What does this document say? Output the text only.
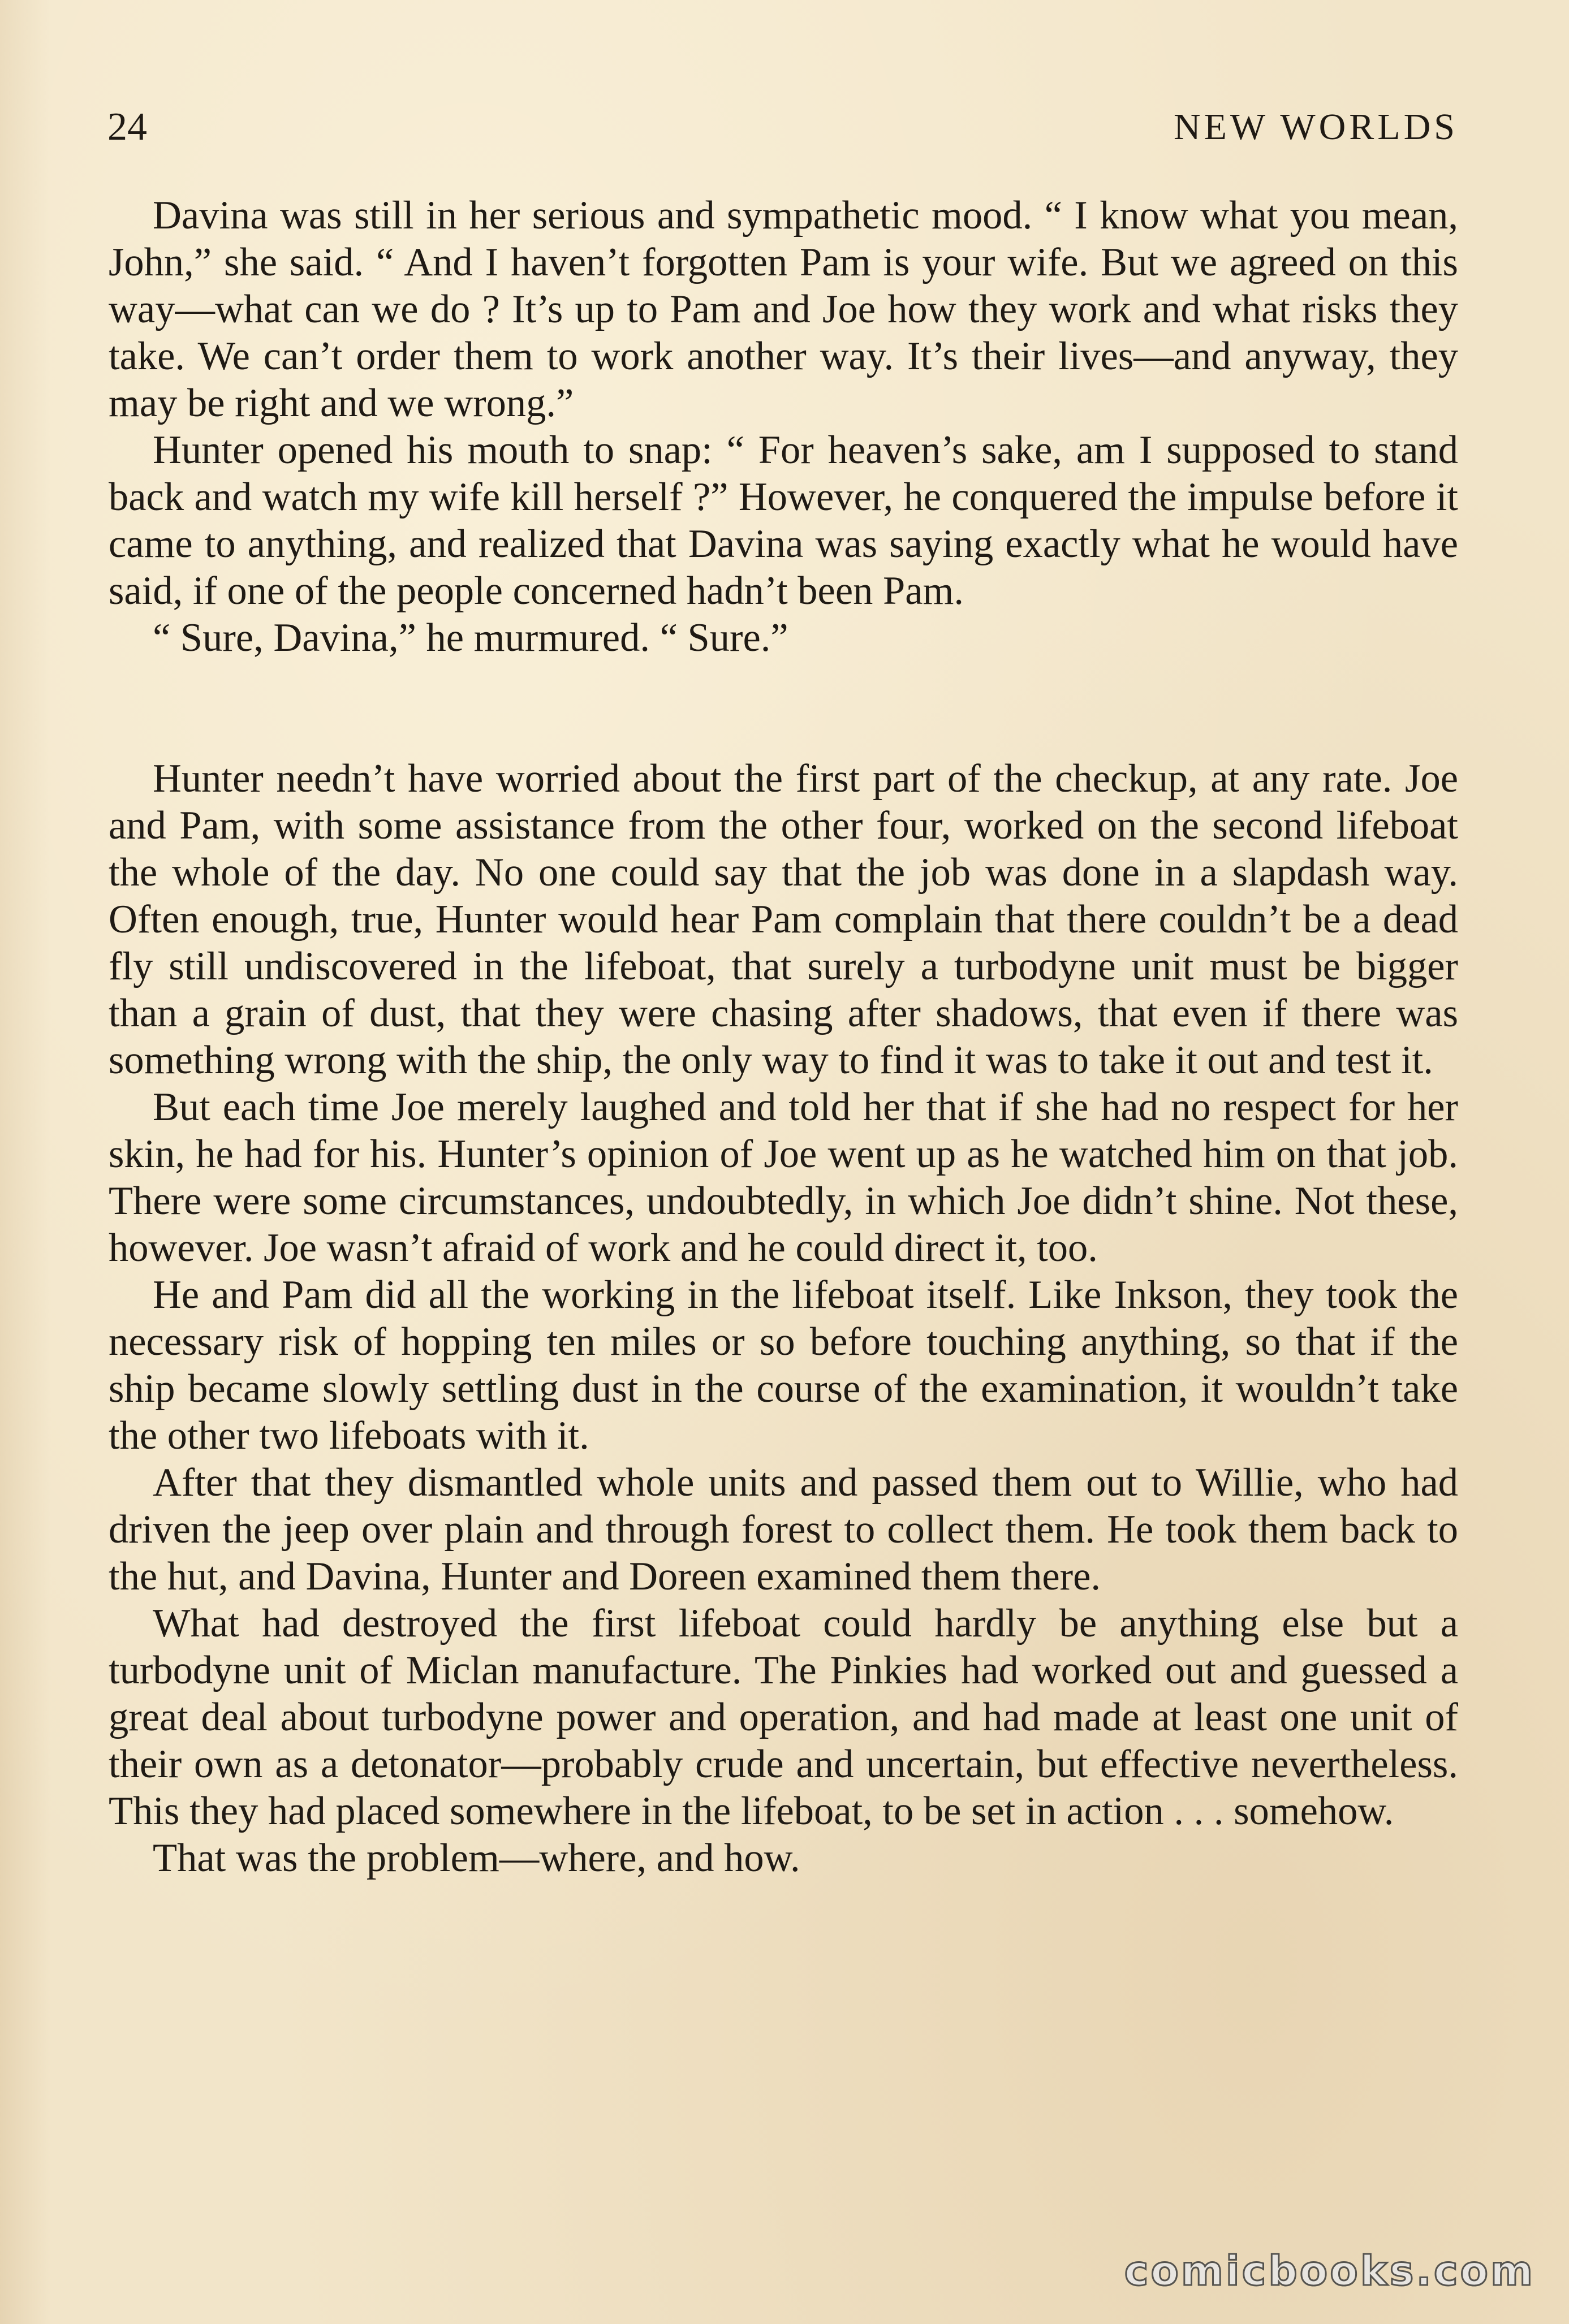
24	NEW WORLDS

Davina was still in her serious and sympathetic mood. “ I know what you mean, John,” she said. “ And I haven’t forgotten Pam is your wife. But we agreed on this way—what can we do ? It’s up to Pam and Joe how they work and what risks they take. We can’t order them to work another way. It’s their lives—and anyway, they may be right and we wrong.”

Hunter opened his mouth to snap: “ For heaven’s sake, am I supposed to stand back and watch my wife kill herself ?” However, he conquered the impulse before it came to anything, and realized that Davina was saying exactly what he would have said, if one of the people concerned hadn’t been Pam.

“ Sure, Davina,” he murmured. “ Sure.”

Hunter needn’t have worried about the first part of the checkup, at any rate. Joe and Pam, with some assistance from the other four, worked on the second lifeboat the whole of the day. No one could say that the job was done in a slapdash way. Often enough, true, Hunter would hear Pam complain that there couldn’t be a dead fly still undiscovered in the lifeboat, that surely a turbodyne unit must be bigger than a grain of dust, that they were chasing after shadows, that even if there was something wrong with the ship, the only way to find it was to take it out and test it.

But each time Joe merely laughed and told her that if she had no respect for her skin, he had for his. Hunter’s opinion of Joe went up as he watched him on that job. There were some circumstances, undoubtedly, in which Joe didn’t shine. Not these, however. Joe wasn’t afraid of work and he could direct it, too.

He and Pam did all the working in the lifeboat itself. Like Inkson, they took the necessary risk of hopping ten miles or so before touching anything, so that if the ship became slowly settling dust in the course of the examination, it wouldn’t take the other two lifeboats with it.

After that they dismantled whole units and passed them out to Willie, who had driven the jeep over plain and through forest to collect them. He took them back to the hut, and Davina, Hunter and Doreen examined them there.

What had destroyed the first lifeboat could hardly be anything else but a turbodyne unit of Miclan manufacture. The Pinkies had worked out and guessed a great deal about turbodyne power and operation, and had made at least one unit of their own as a detonator—probably crude and uncertain, but effective nevertheless. This they had placed somewhere in the lifeboat, to be set in action . . . somehow.

That was the problem—where, and how.

comicbooks.com
